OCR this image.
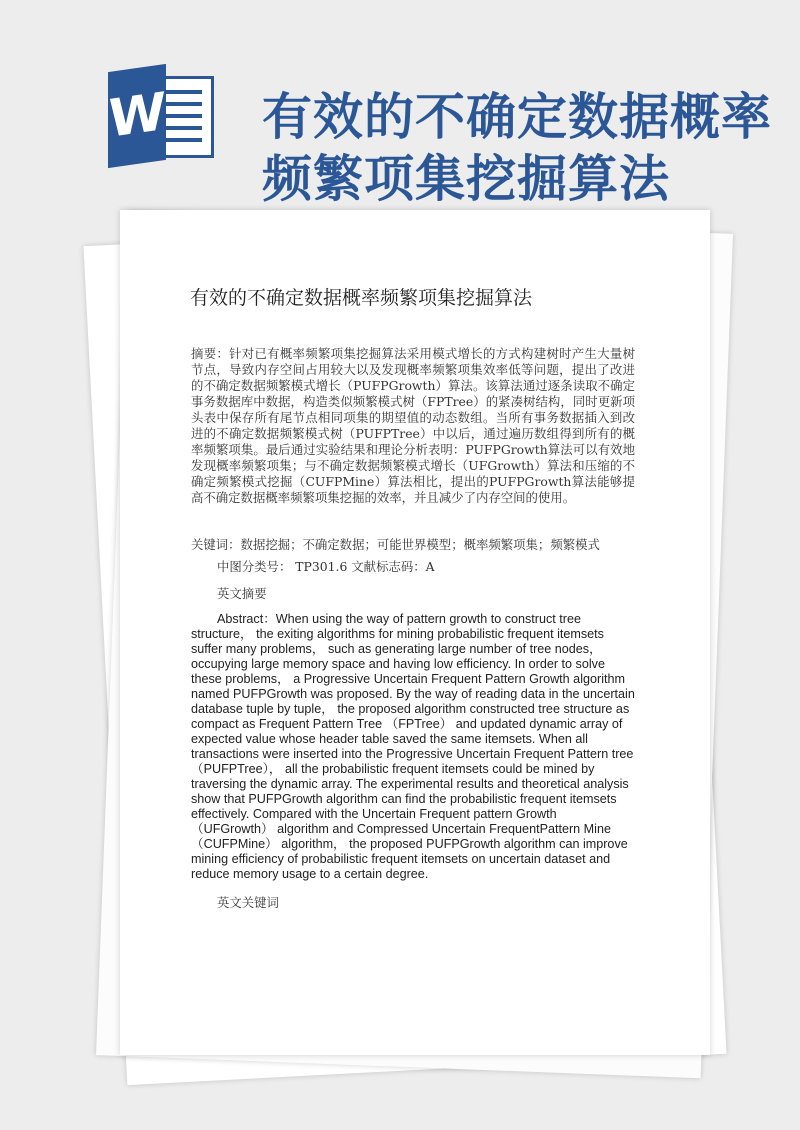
W 有效的不确定数据概率频繁项集挖掘算法
有效的不确定数据概率频繁项集挖掘算法

摘要：针对已有概率频繁项集挖掘算法采用模式增长的方式构建树时产生大量树节点，导致内存空间占用较大以及发现概率频繁项集效率低等问题，提出了改进的不确定数据频繁模式增长（PUFPGrowth）算法。该算法通过逐条读取不确定事务数据库中数据，构造类似频繁模式树（FPTree）的紧凑树结构，同时更新项头表中保存所有尾节点相同项集的期望值的动态数组。当所有事务数据插入到改进的不确定数据频繁模式树（PUFPTree）中以后，通过遍历数组得到所有的概率频繁项集。最后通过实验结果和理论分析表明：PUFPGrowth算法可以有效地发现概率频繁项集；与不确定数据频繁模式增长（UFGrowth）算法和压缩的不确定频繁模式挖掘（CUFPMine）算法相比，提出的PUFPGrowth算法能够提高不确定数据概率频繁项集挖掘的效率，并且减少了内存空间的使用。

关键词：数据挖掘；不确定数据；可能世界模型；概率频繁项集；频繁模式

中图分类号： TP301.6 文献标志码：A

英文摘要

Abstract：When using the way of pattern growth to construct tree structure， the exiting algorithms for mining probabilistic frequent itemsets suffer many problems， such as generating large number of tree nodes， occupying large memory space and having low efficiency. In order to solve these problems， a Progressive Uncertain Frequent Pattern Growth algorithm named PUFPGrowth was proposed. By the way of reading data in the uncertain database tuple by tuple， the proposed algorithm constructed tree structure as compact as Frequent Pattern Tree （FPTree） and updated dynamic array of expected value whose header table saved the same itemsets. When all transactions were inserted into the Progressive Uncertain Frequent Pattern tree （PUFPTree）， all the probabilistic frequent itemsets could be mined by traversing the dynamic array. The experimental results and theoretical analysis show that PUFPGrowth algorithm can find the probabilistic frequent itemsets effectively. Compared with the Uncertain Frequent pattern Growth （UFGrowth） algorithm and Compressed Uncertain FrequentPattern Mine （CUFPMine） algorithm， the proposed PUFPGrowth algorithm can improve mining efficiency of probabilistic frequent itemsets on uncertain dataset and reduce memory usage to a certain degree.

英文关键词
